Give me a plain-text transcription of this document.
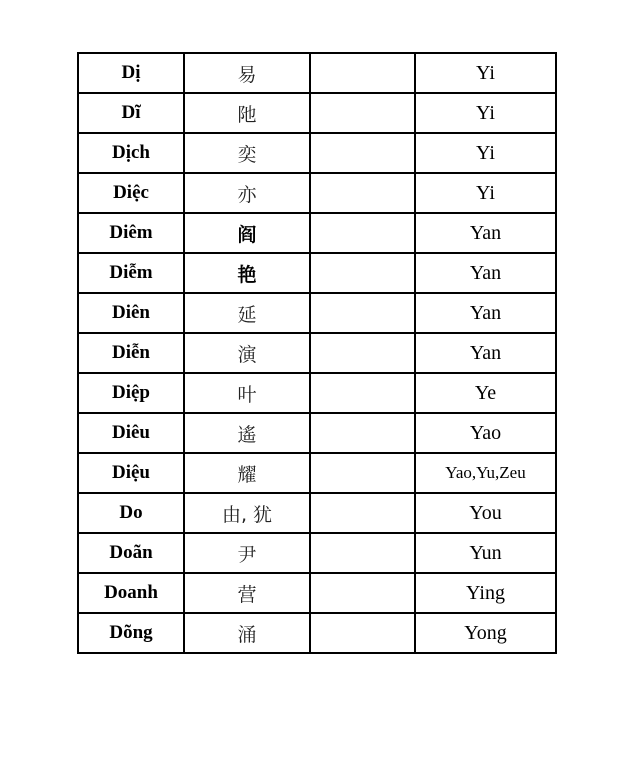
Dị	易		Yi
Dĩ	阤		Yi
Dịch	奕		Yi
Diệc	亦		Yi
Diêm	阎		Yan
Diễm	艳		Yan
Diên	延		Yan
Diễn	演		Yan
Diệp	叶		Ye
Diêu	遙		Yao
Diệu	耀		Yao,Yu,Zeu
Do	由, 犹		You
Doãn	尹		Yun
Doanh	营		Ying
Dõng	涌		Yong
